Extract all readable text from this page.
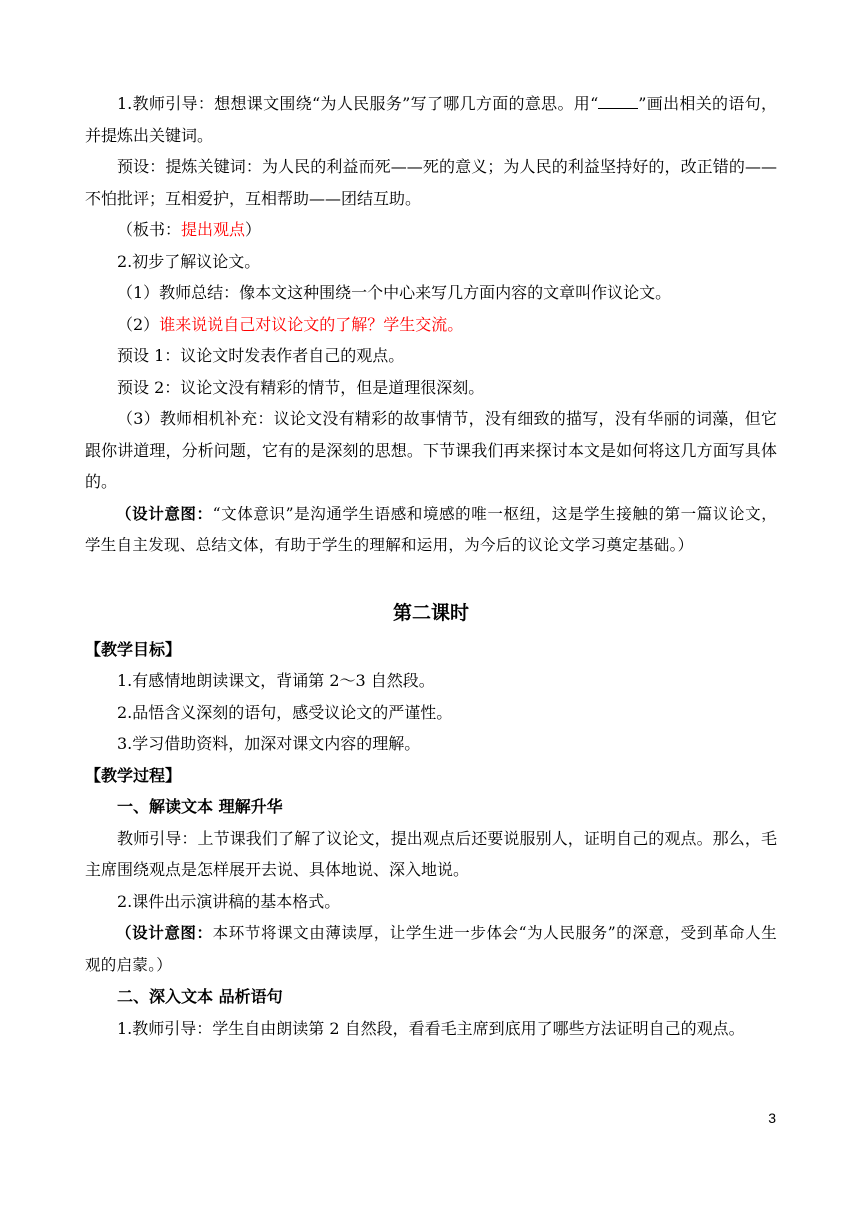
1.教师引导：想想课文围绕“为人民服务”写了哪几方面的意思。用“	”画出相关的语句，并提炼出关键词。

预设：提炼关键词：为人民的利益而死——死的意义；为人民的利益坚持好的，改正错的——不怕批评；互相爱护，互相帮助——团结互助。

（板书：提出观点）

2.初步了解议论文。

（1）教师总结：像本文这种围绕一个中心来写几方面内容的文章叫作议论文。

（2）谁来说说自己对议论文的了解？学生交流。

预设 1：议论文时发表作者自己的观点。

预设 2：议论文没有精彩的情节，但是道理很深刻。

（3）教师相机补充：议论文没有精彩的故事情节，没有细致的描写，没有华丽的词藻，但它跟你讲道理，分析问题，它有的是深刻的思想。下节课我们再来探讨本文是如何将这几方面写具体的。

（设计意图：“文体意识”是沟通学生语感和境感的唯一枢纽，这是学生接触的第一篇议论文，学生自主发现、总结文体，有助于学生的理解和运用，为今后的议论文学习奠定基础。）

第二课时

【教学目标】

1.有感情地朗读课文，背诵第 2～3 自然段。

2.品悟含义深刻的语句，感受议论文的严谨性。

3.学习借助资料，加深对课文内容的理解。

【教学过程】

一、解读文本 理解升华

教师引导：上节课我们了解了议论文，提出观点后还要说服别人，证明自己的观点。那么，毛主席围绕观点是怎样展开去说、具体地说、深入地说。

2.课件出示演讲稿的基本格式。

（设计意图：本环节将课文由薄读厚，让学生进一步体会“为人民服务”的深意，受到革命人生观的启蒙。）

二、深入文本 品析语句

1.教师引导：学生自由朗读第 2 自然段，看看毛主席到底用了哪些方法证明自己的观点。

3
